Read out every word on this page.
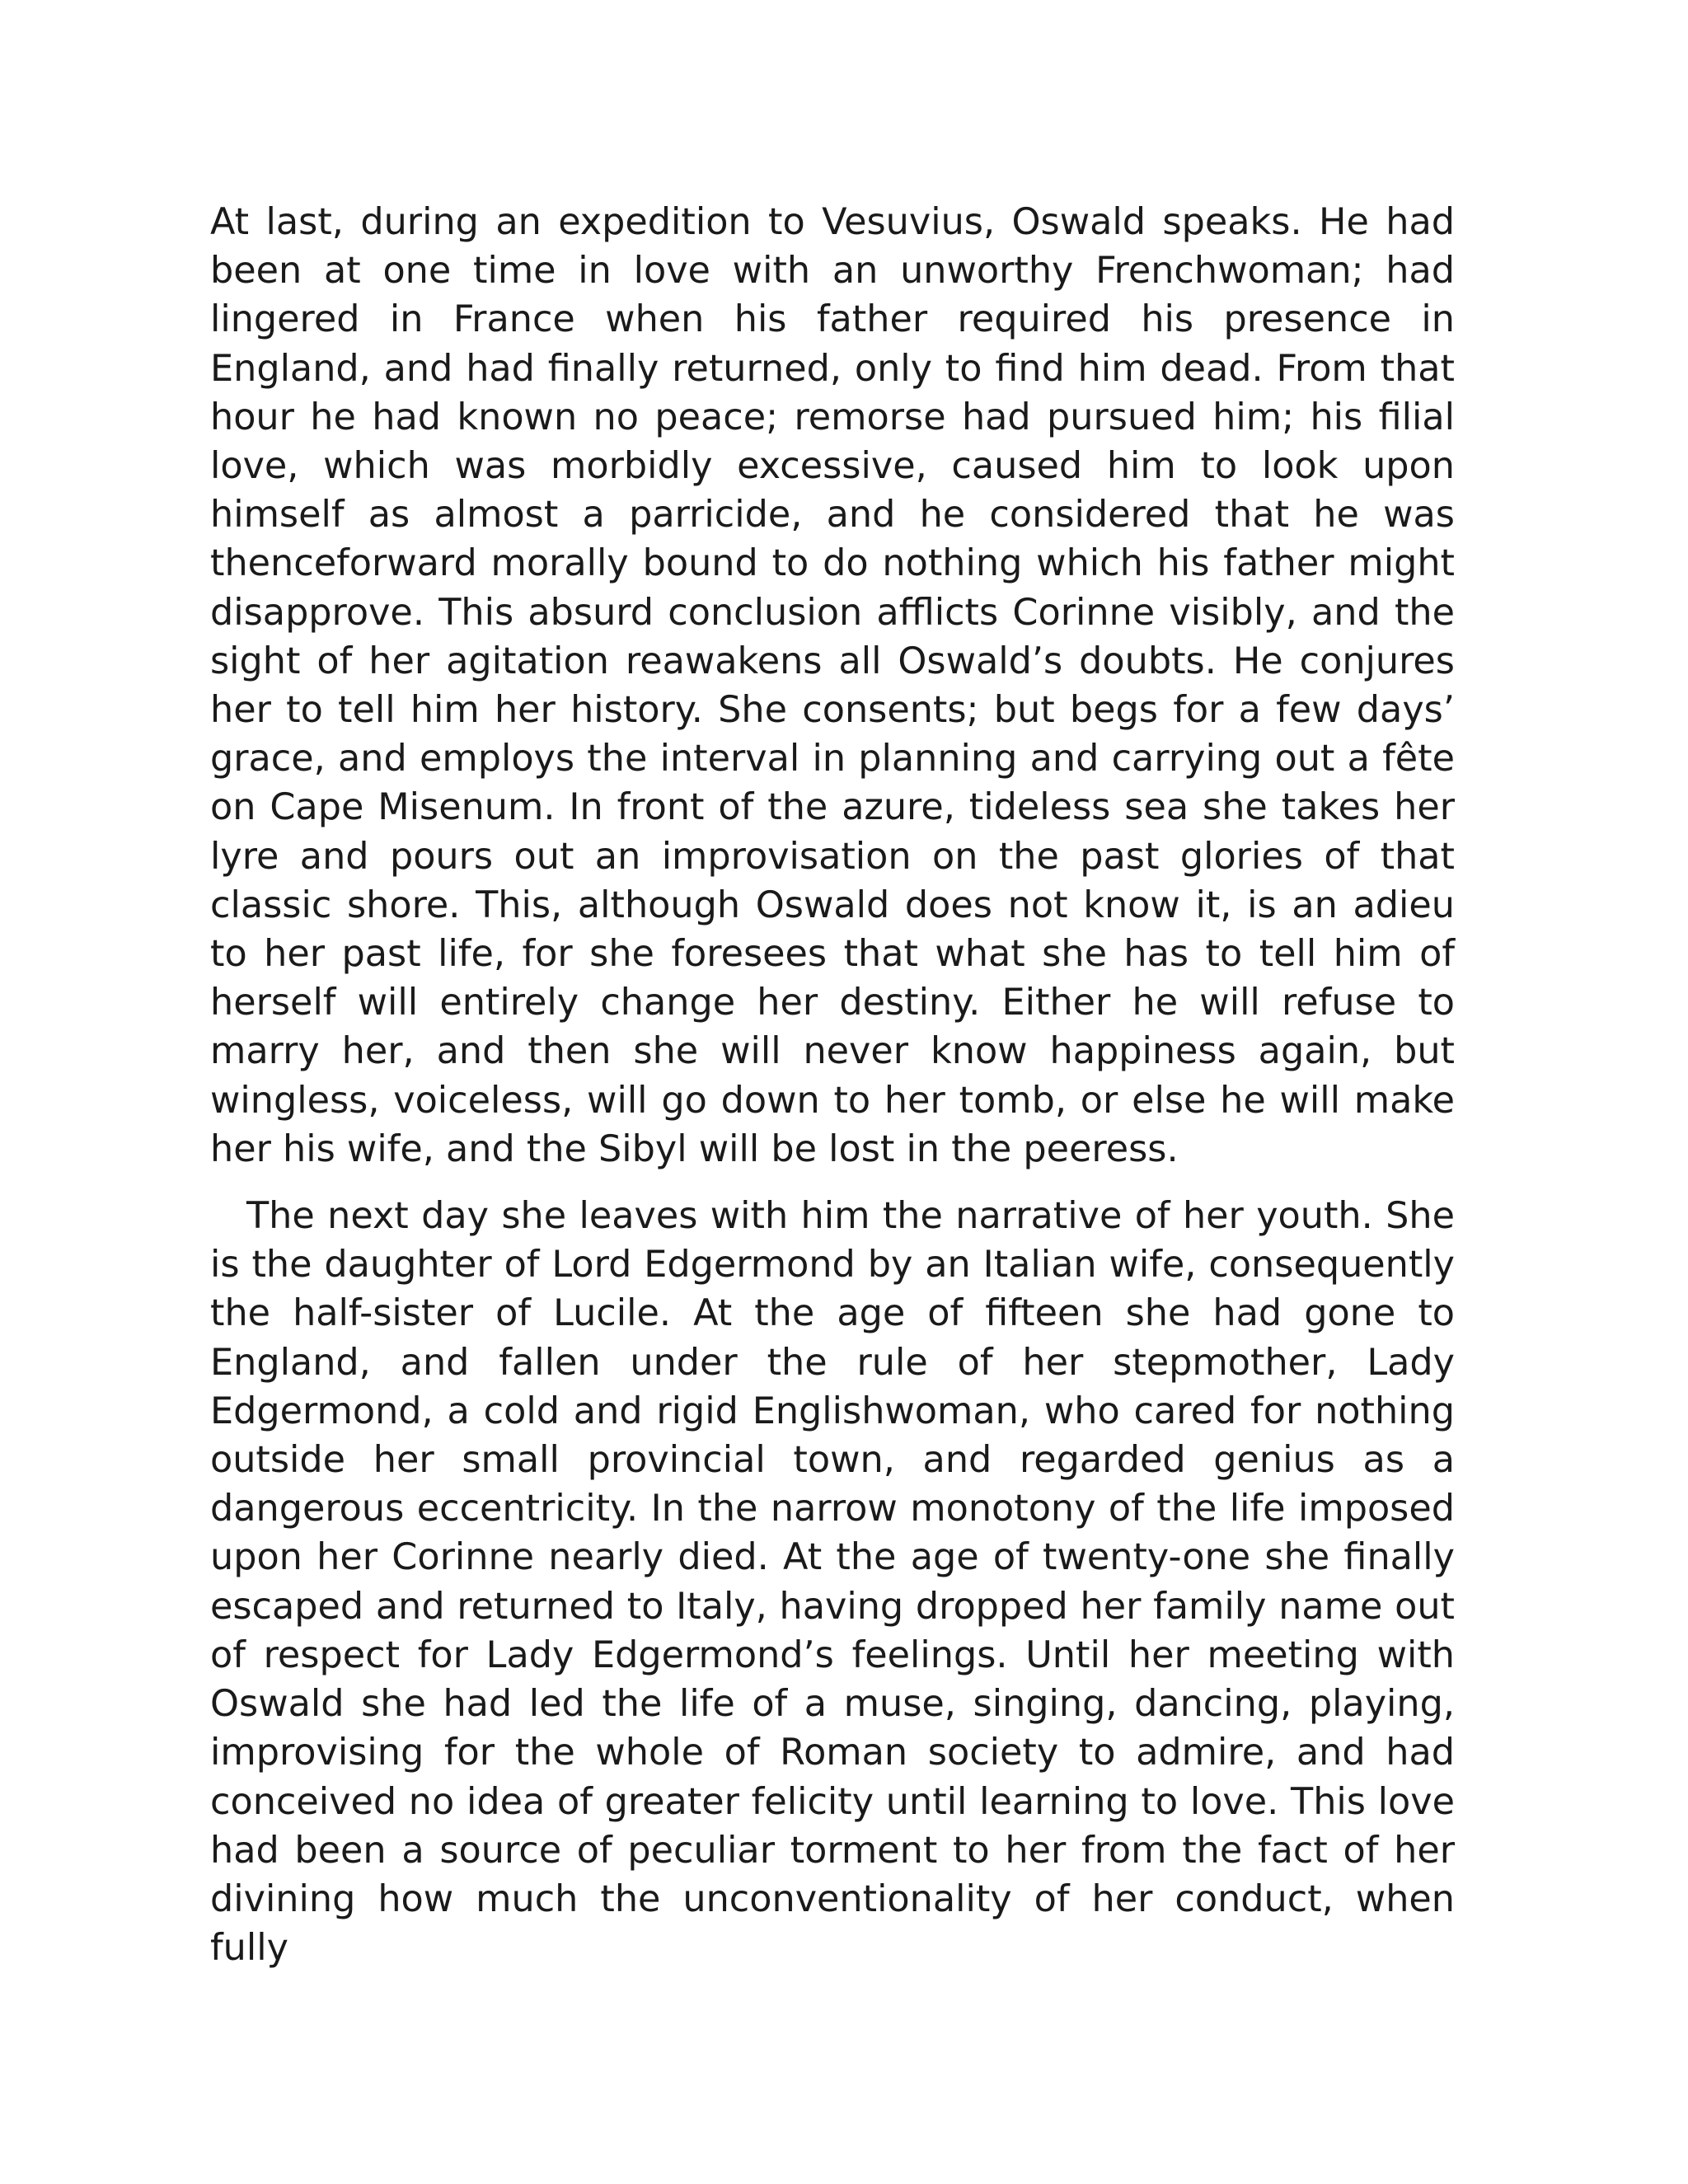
At last, during an expedition to Vesuvius, Oswald speaks. He had been at one time in love with an unworthy Frenchwoman; had lingered in France when his father required his presence in England, and had finally returned, only to find him dead. From that hour he had known no peace; remorse had pursued him; his filial love, which was morbidly excessive, caused him to look upon himself as almost a parricide, and he considered that he was thenceforward morally bound to do nothing which his father might disapprove. This absurd conclusion afflicts Corinne visibly, and the sight of her agitation reawakens all Oswald’s doubts. He conjures her to tell him her history. She consents; but begs for a few days’ grace, and employs the interval in planning and carrying out a fête on Cape Misenum. In front of the azure, tideless sea she takes her lyre and pours out an improvisation on the past glories of that classic shore. This, although Oswald does not know it, is an adieu to her past life, for she foresees that what she has to tell him of herself will entirely change her destiny. Either he will refuse to marry her, and then she will never know happiness again, but wingless, voiceless, will go down to her tomb, or else he will make her his wife, and the Sibyl will be lost in the peeress.

The next day she leaves with him the narrative of her youth. She is the daughter of Lord Edgermond by an Italian wife, consequently the half-sister of Lucile. At the age of fifteen she had gone to England, and fallen under the rule of her stepmother, Lady Edgermond, a cold and rigid Englishwoman, who cared for nothing outside her small provincial town, and regarded genius as a dangerous eccentricity. In the narrow monotony of the life imposed upon her Corinne nearly died. At the age of twenty-one she finally escaped and returned to Italy, having dropped her family name out of respect for Lady Edgermond’s feelings. Until her meeting with Oswald she had led the life of a muse, singing, dancing, playing, improvising for the whole of Roman society to admire, and had conceived no idea of greater felicity until learning to love. This love had been a source of peculiar torment to her from the fact of her divining how much the unconventionality of her conduct, when fully
